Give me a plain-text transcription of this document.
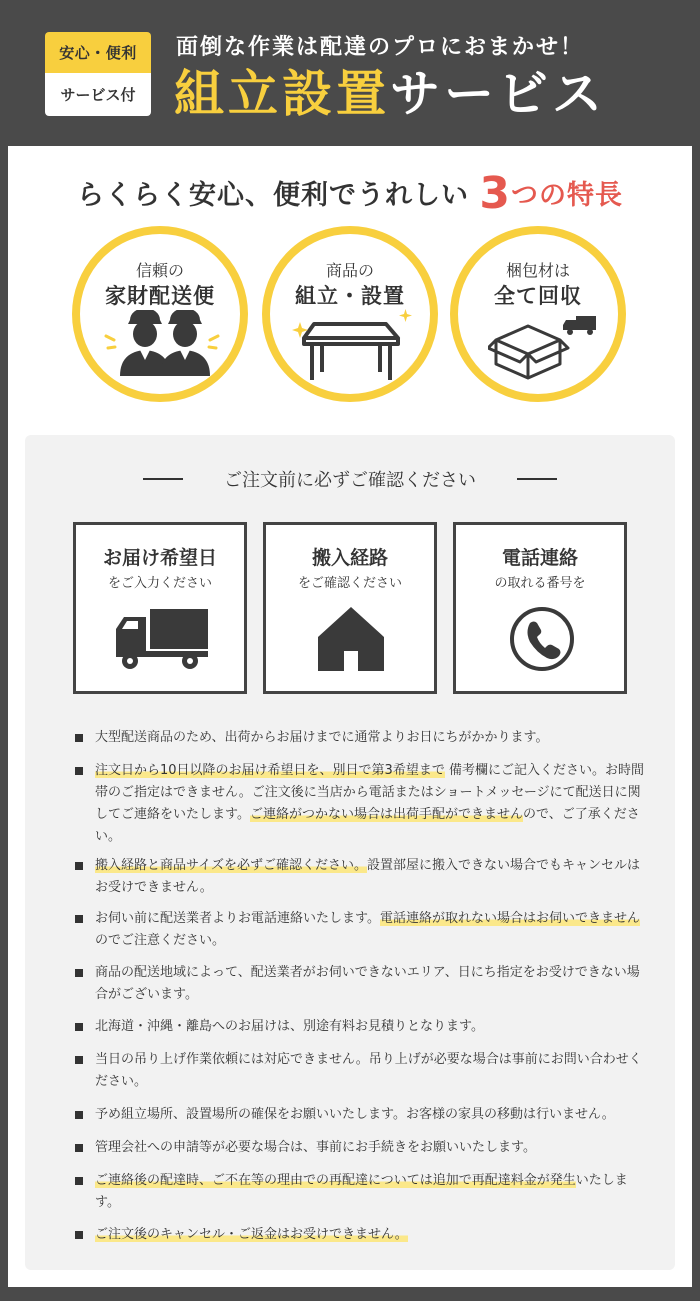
安心・便利
サービス付
面倒な作業は配達のプロにおまかせ！
組立設置サービス
らくらく安心、便利でうれしい 3つの特長
信頼の
家財配送便
商品の
組立・設置
梱包材は
全て回収
ご注文前に必ずご確認ください
お届け希望日
をご入力ください
搬入経路
をご確認ください
電話連絡
の取れる番号を
大型配送商品のため、出荷からお届けまでに通常よりお日にちがかかります。
注文日から10日以降のお届け希望日を、別日で第3希望まで 備考欄にご記入ください。お時間帯のご指定はできません。ご注文後に当店から電話またはショートメッセージにて配送日に関してご連絡をいたします。ご連絡がつかない場合は出荷手配ができませんので、ご了承ください。
搬入経路と商品サイズを必ずご確認ください。設置部屋に搬入できない場合でもキャンセルはお受けできません。
お伺い前に配送業者よりお電話連絡いたします。電話連絡が取れない場合はお伺いできませんのでご注意ください。
商品の配送地域によって、配送業者がお伺いできないエリア、日にち指定をお受けできない場合がございます。
北海道・沖縄・離島へのお届けは、別途有料お見積りとなります。
当日の吊り上げ作業依頼には対応できません。吊り上げが必要な場合は事前にお問い合わせください。
予め組立場所、設置場所の確保をお願いいたします。お客様の家具の移動は行いません。
管理会社への申請等が必要な場合は、事前にお手続きをお願いいたします。
ご連絡後の配達時、ご不在等の理由での再配達については追加で再配達料金が発生いたします。
ご注文後のキャンセル・ご返金はお受けできません。
